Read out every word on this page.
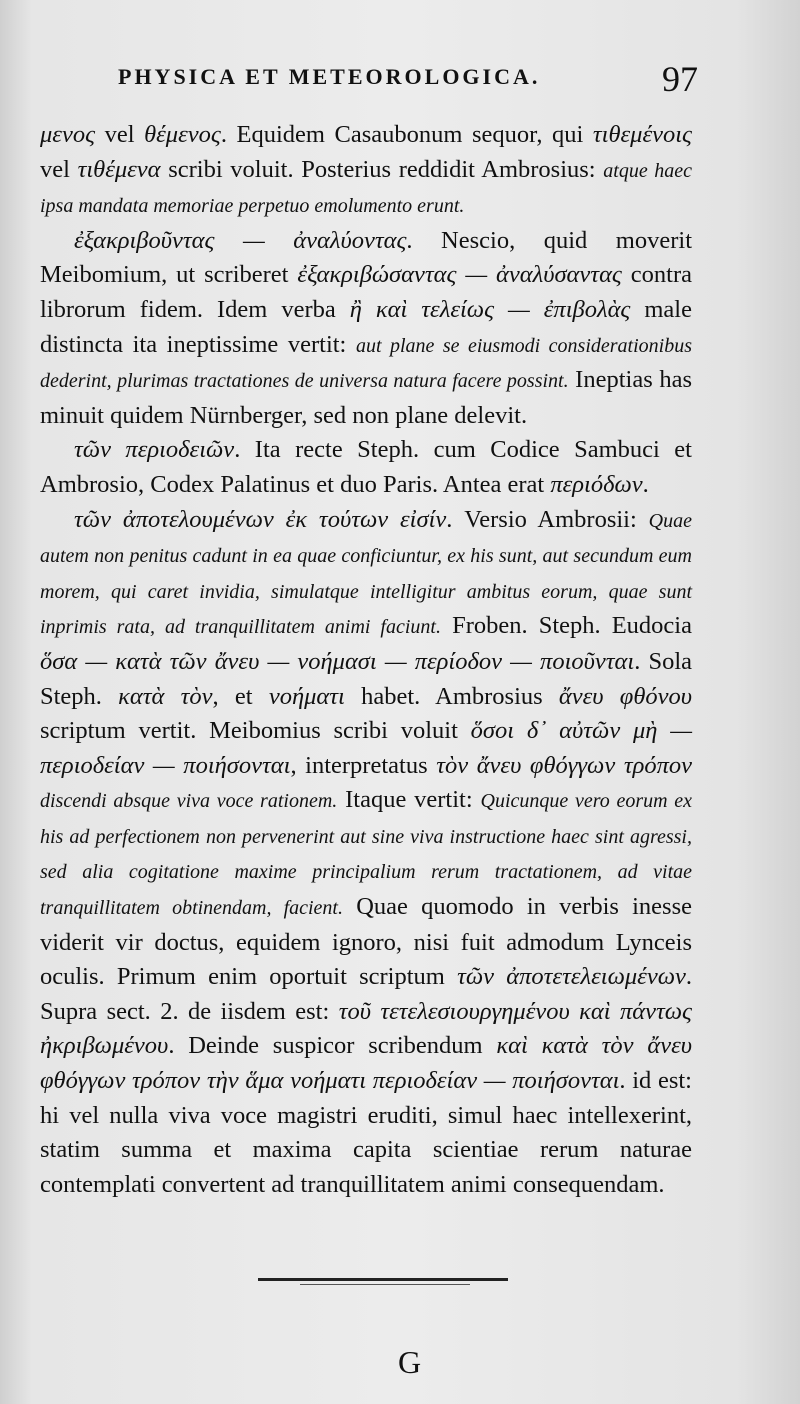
PHYSICA ET METEOROLOGICA.	97

μενος vel θέμενος. Equidem Casaubonum sequor, qui τιθεμένοις vel τιθέμενα scribi voluit. Posterius reddidit Ambrosius: atque haec ipsa mandata memoriae perpetuo emolumento erunt.

ἐξακριβοῦντας — ἀναλύοντας. Nescio, quid moverit Meibomium, ut scriberet ἐξακριβώσαντας — ἀναλύσαντας contra librorum fidem. Idem verba ἢ καὶ τελείως — ἐπιβολὰς male distincta ita ineptissime vertit: aut plane se eiusmodi considerationibus dederint, plurimas tractationes de universa natura facere possint. Ineptias has minuit quidem Nürnberger, sed non plane delevit.

τῶν περιοδειῶν. Ita recte Steph. cum Codice Sambuci et Ambrosio, Codex Palatinus et duo Paris. Antea erat περιόδων.

τῶν ἀποτελουμένων ἐκ τούτων εἰσίν. Versio Ambrosii: Quae autem non penitus cadunt in ea quae conficiuntur, ex his sunt, aut secundum eum morem, qui caret invidia, simulatque intelligitur ambitus eorum, quae sunt inprimis rata, ad tranquillitatem animi faciunt. Froben. Steph. Eudocia ὅσα — κατὰ τῶν ἄνευ — νοήμασι — περίοδον — ποιοῦνται. Sola Steph. κατὰ τὸν, et νοήματι habet. Ambrosius ἄνευ φθόνου scriptum vertit. Meibomius scribi voluit ὅσοι δ᾽ αὐτῶν μὴ — περιοδείαν — ποιήσονται, interpretatus τὸν ἄνευ φθόγγων τρόπον discendi absque viva voce rationem. Itaque vertit: Quicunque vero eorum ex his ad perfectionem non pervenerint aut sine viva instructione haec sint agressi, sed alia cogitatione maxime principalium rerum tractationem, ad vitae tranquillitatem obtinendam, facient. Quae quomodo in verbis inesse viderit vir doctus, equidem ignoro, nisi fuit admodum Lynceis oculis. Primum enim oportuit scriptum τῶν ἀποτετελειωμένων. Supra sect. 2. de iisdem est: τοῦ τετελεσιουργημένου καὶ πάντως ἠκριβωμένου. Deinde suspicor scribendum καὶ κατὰ τὸν ἄνευ φθόγγων τρόπον τὴν ἅμα νοήματι περιοδείαν — ποιήσονται. id est: hi vel nulla viva voce magistri eruditi, simul haec intellexerint, statim summa et maxima capita scientiae rerum naturae contemplati convertent ad tranquillitatem animi consequendam.

G
